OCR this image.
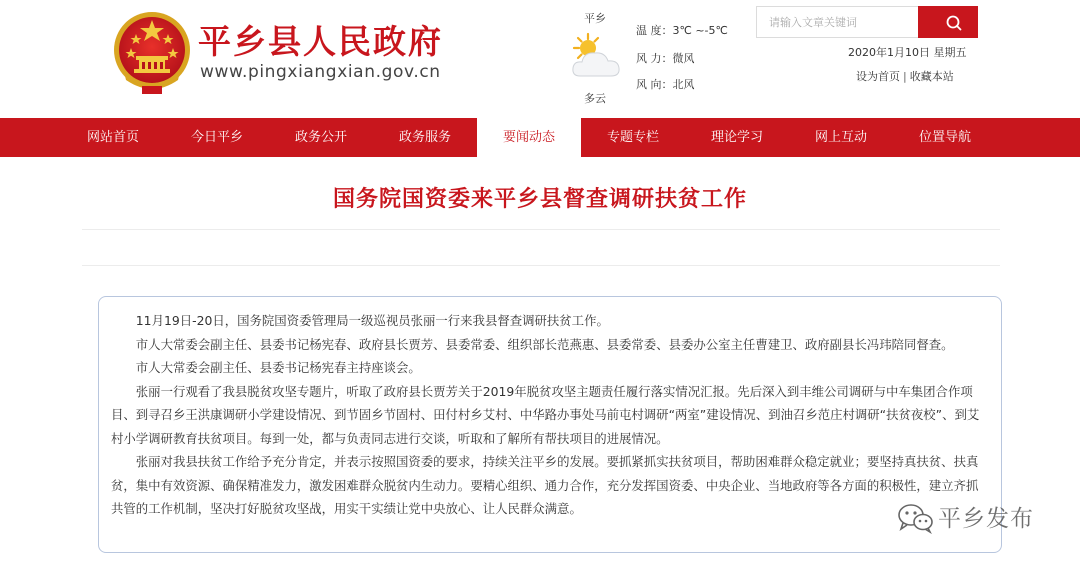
平乡县人民政府
www.pingxiangxian.gov.cn
平乡
多云
温 度：3℃ ~-5℃
风 力：微风
风 向：北风
请输入文章关键词
2020年1月10日 星期五
设为首页 | 收藏本站
网站首页	今日平乡	政务公开	政务服务	要闻动态	专题专栏	理论学习	网上互动	位置导航
国务院国资委来平乡县督查调研扶贫工作

11月19日-20日，国务院国资委管理局一级巡视员张丽一行来我县督查调研扶贫工作。

市人大常委会副主任、县委书记杨宪春、政府县长贾芳、县委常委、组织部长范燕惠、县委常委、县委办公室主任曹建卫、政府副县长冯玮陪同督查。

市人大常委会副主任、县委书记杨宪春主持座谈会。

张丽一行观看了我县脱贫攻坚专题片，听取了政府县长贾芳关于2019年脱贫攻坚主题责任履行落实情况汇报。先后深入到丰维公司调研与中车集团合作项目、到寻召乡王洪康调研小学建设情况、到节固乡节固村、田付村乡艾村、中华路办事处马前屯村调研“两室”建设情况、到油召乡范庄村调研“扶贫夜校”、到艾村小学调研教育扶贫项目。每到一处，都与负责同志进行交谈，听取和了解所有帮扶项目的进展情况。

张丽对我县扶贫工作给予充分肯定，并表示按照国资委的要求，持续关注平乡的发展。要抓紧抓实扶贫项目，帮助困难群众稳定就业；要坚持真扶贫、扶真贫，集中有效资源、确保精准发力，激发困难群众脱贫内生动力。要精心组织、通力合作，充分发挥国资委、中央企业、当地政府等各方面的积极性，建立齐抓共管的工作机制，坚决打好脱贫攻坚战，用实干实绩让党中央放心、让人民群众满意。	平乡发布
